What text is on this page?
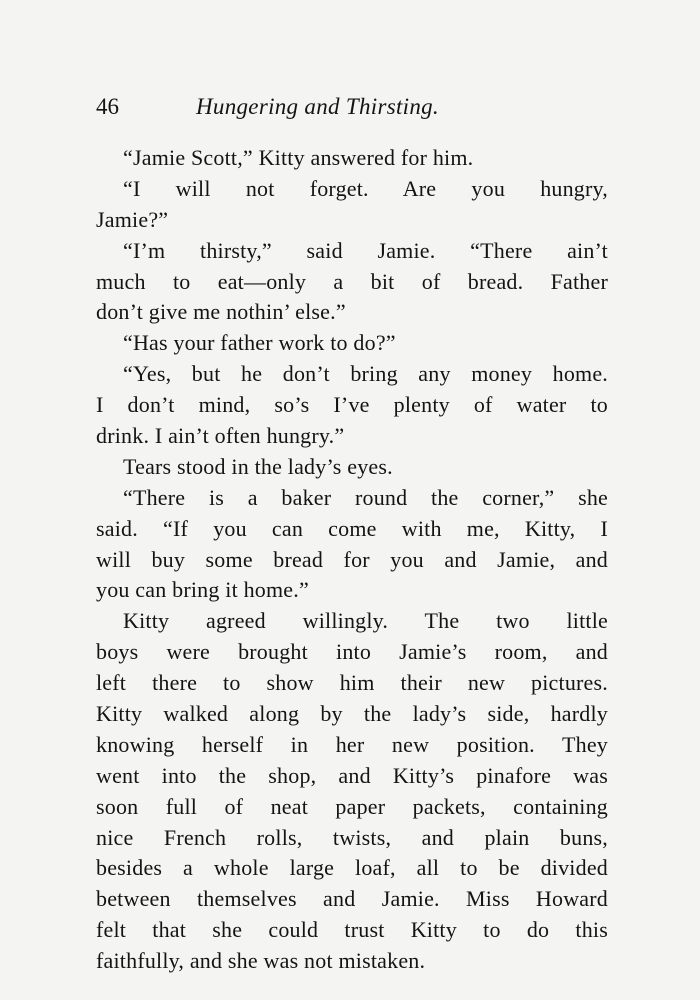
46	Hungering and Thirsting.
“Jamie Scott,” Kitty answered for him.
“I will not forget. Are you hungry,
Jamie?”
“I’m thirsty,” said Jamie. “There ain’t
much to eat—only a bit of bread. Father
don’t give me nothin’ else.”
“Has your father work to do?”
“Yes, but he don’t bring any money home.
I don’t mind, so’s I’ve plenty of water to
drink. I ain’t often hungry.”
Tears stood in the lady’s eyes.
“There is a baker round the corner,” she
said. “If you can come with me, Kitty, I
will buy some bread for you and Jamie, and
you can bring it home.”
Kitty agreed willingly. The two little
boys were brought into Jamie’s room, and
left there to show him their new pictures.
Kitty walked along by the lady’s side, hardly
knowing herself in her new position. They
went into the shop, and Kitty’s pinafore was
soon full of neat paper packets, containing
nice French rolls, twists, and plain buns,
besides a whole large loaf, all to be divided
between themselves and Jamie. Miss Howard
felt that she could trust Kitty to do this
faithfully, and she was not mistaken.
